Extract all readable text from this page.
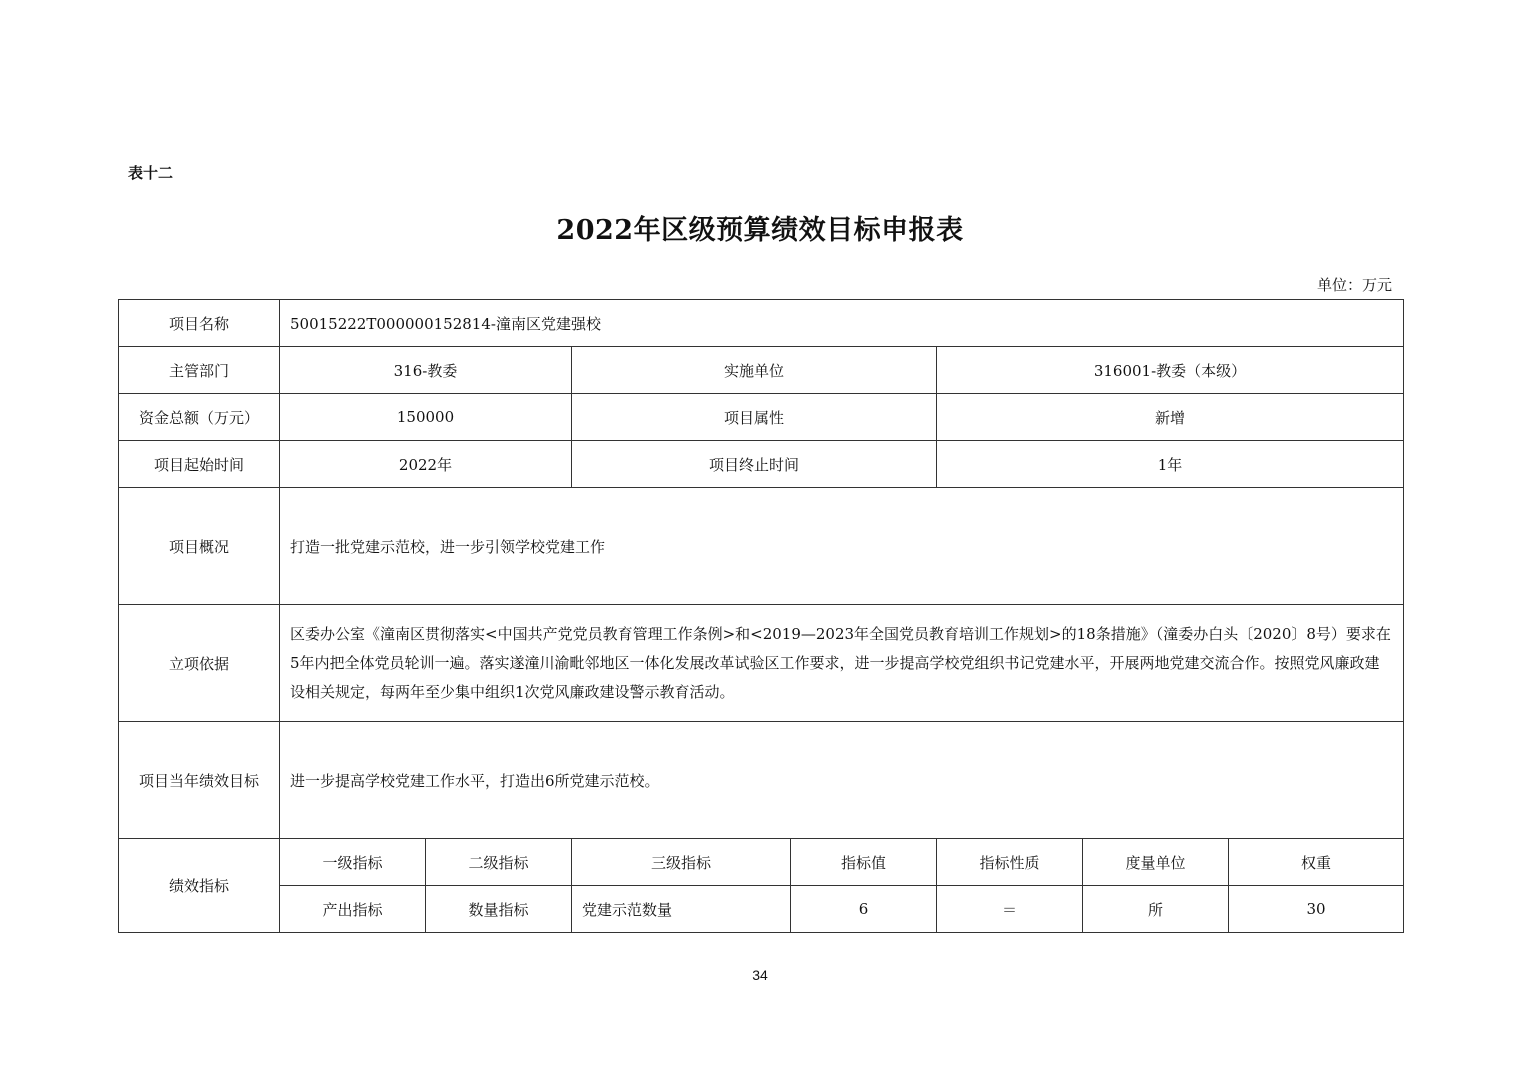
表十二
2022年区级预算绩效目标申报表
单位：万元
项目名称	50015222T000000152814-潼南区党建强校						
主管部门	316-教委		实施单位		316001-教委（本级）		
资金总额（万元）	150000		项目属性		新增		
项目起始时间	2022年		项目终止时间		1年		
项目概况	打造一批党建示范校，进一步引领学校党建工作						
立项依据	区委办公室《潼南区贯彻落实<中国共产党党员教育管理工作条例>和<2019—2023年全国党员教育培训工作规划>的18条措施》（潼委办白头〔2020〕8号）要求在5年内把全体党员轮训一遍。落实遂潼川渝毗邻地区一体化发展改革试验区工作要求，进一步提高学校党组织书记党建水平，开展两地党建交流合作。按照党风廉政建设相关规定，每两年至少集中组织1次党风廉政建设警示教育活动。						
项目当年绩效目标	进一步提高学校党建工作水平，打造出6所党建示范校。						
绩效指标	一级指标	二级指标	三级指标	指标值	指标性质	度量单位	权重
	产出指标	数量指标	党建示范数量	6	＝	所	30
34
